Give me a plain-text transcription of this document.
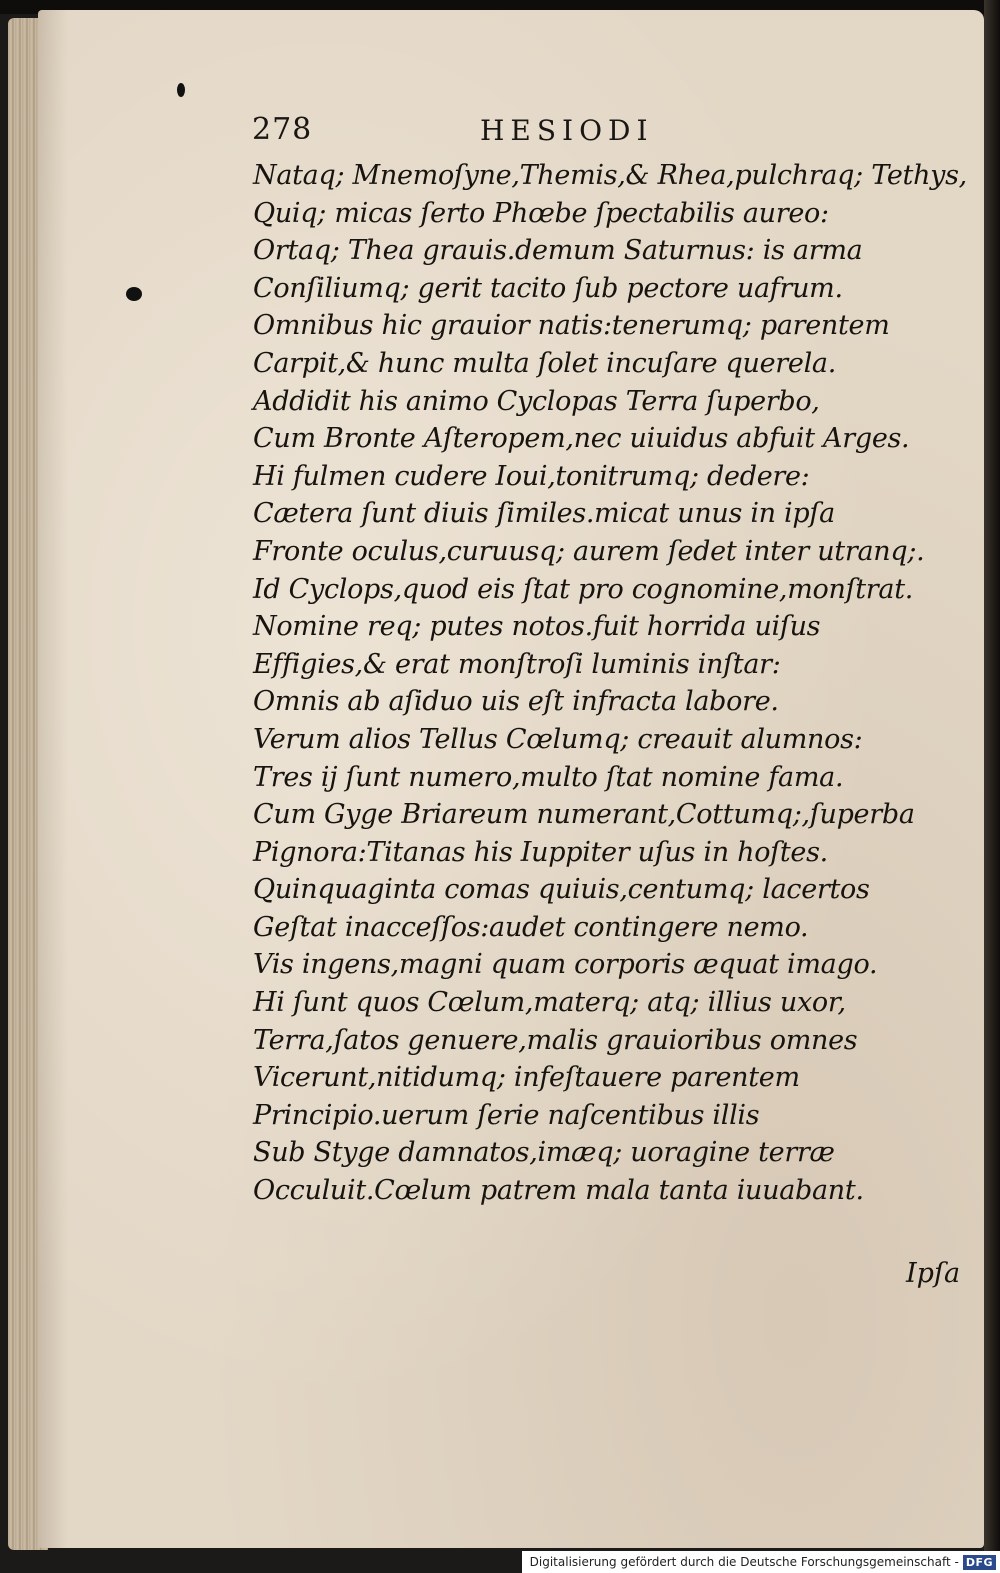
278	HESIODI
Nataq; Mnemoſyne,Themis,& Rhea,pulchraq; Tethys,
Quiq; micas ſerto Phœbe ſpectabilis aureo:
Ortaq; Thea grauis.demum Saturnus: is arma
Conſiliumq; gerit tacito ſub pectore uafrum.
Omnibus hic grauior natis:tenerumq; parentem
Carpit,& hunc multa ſolet incuſare querela.
Addidit his animo Cyclopas Terra ſuperbo,
Cum Bronte Aſteropem,nec uiuidus abfuit Arges.
Hi fulmen cudere Ioui,tonitrumq; dedere:
Cætera ſunt diuis ſimiles.micat unus in ipſa
Fronte oculus,curuusq; aurem ſedet inter utranq;.
Id Cyclops,quod eis ſtat pro cognomine,monſtrat.
Nomine req; putes notos.fuit horrida uiſus
Effigies,& erat monſtroſi luminis inſtar:
Omnis ab aſiduo uis eſt infracta labore.
Verum alios Tellus Cœlumq; creauit alumnos:
Tres ij ſunt numero,multo ſtat nomine fama.
Cum Gyge Briareum numerant,Cottumq;,ſuperba
Pignora:Titanas his Iuppiter uſus in hoſtes.
Quinquaginta comas quiuis,centumq; lacertos
Geſtat inacceſſos:audet contingere nemo.
Vis ingens,magni quam corporis æquat imago.
Hi ſunt quos Cœlum,materq; atq; illius uxor,
Terra,ſatos genuere,malis grauioribus omnes
Vicerunt,nitidumq; infeſtauere parentem
Principio.uerum ſerie naſcentibus illis
Sub Styge damnatos,imæq; uoragine terræ
Occuluit.Cœlum patrem mala tanta iuuabant.
Ipſa
Digitalisierung gefördert durch die Deutsche Forschungsgemeinschaft - DFG
